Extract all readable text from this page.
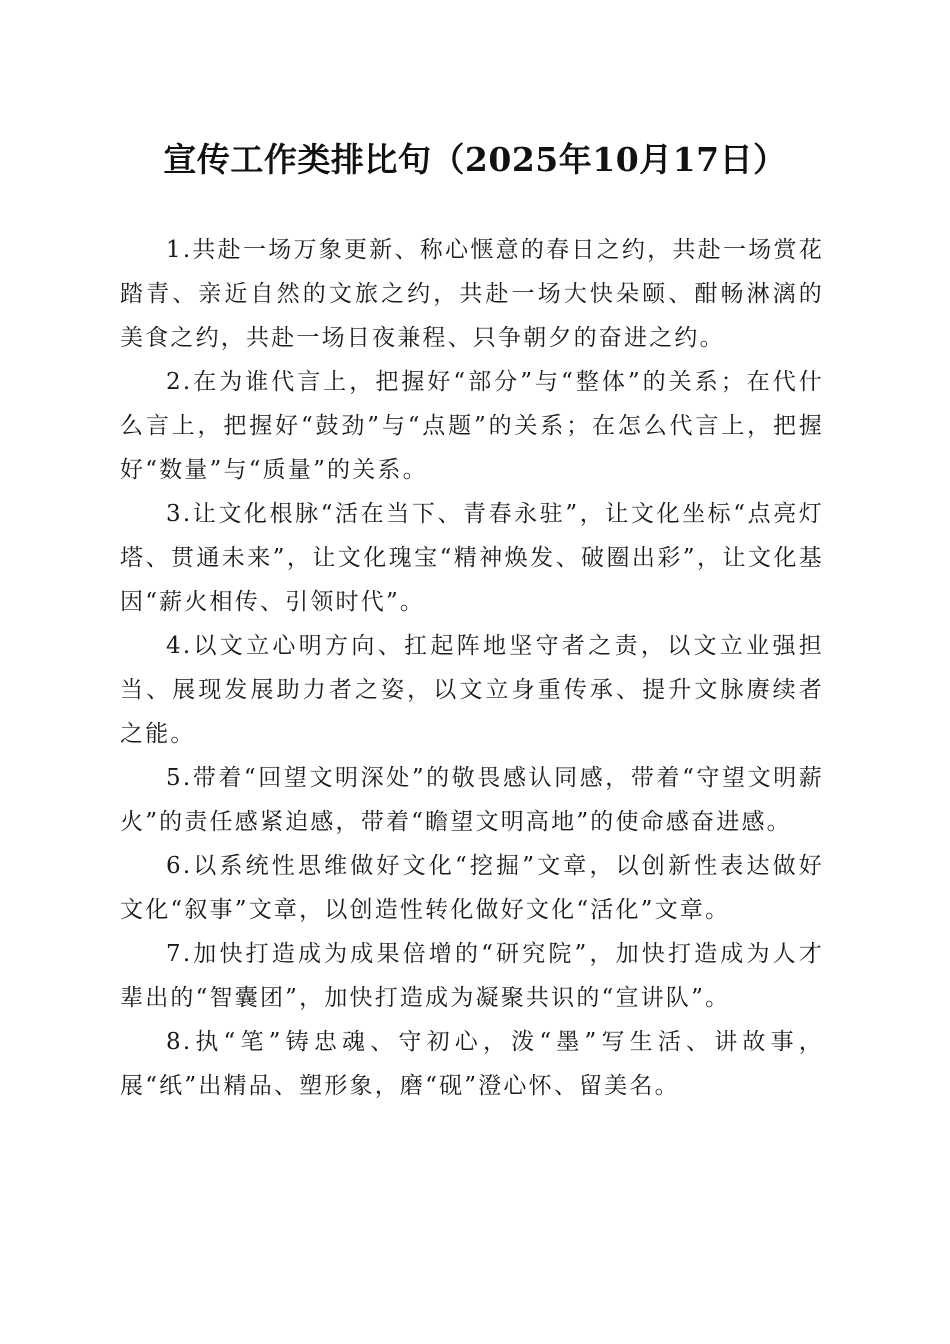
宣传工作类排比句（2025年10月17日）

1.共赴一场万象更新、称心惬意的春日之约，共赴一场赏花踏青、亲近自然的文旅之约，共赴一场大快朵颐、酣畅淋漓的美食之约，共赴一场日夜兼程、只争朝夕的奋进之约。

2.在为谁代言上，把握好“部分”与“整体”的关系；在代什么言上，把握好“鼓劲”与“点题”的关系；在怎么代言上，把握好“数量”与“质量”的关系。

3.让文化根脉“活在当下、青春永驻”，让文化坐标“点亮灯塔、贯通未来”，让文化瑰宝“精神焕发、破圈出彩”，让文化基因“薪火相传、引领时代”。

4.以文立心明方向、扛起阵地坚守者之责，以文立业强担当、展现发展助力者之姿，以文立身重传承、提升文脉赓续者之能。

5.带着“回望文明深处”的敬畏感认同感，带着“守望文明薪火”的责任感紧迫感，带着“瞻望文明高地”的使命感奋进感。

6.以系统性思维做好文化“挖掘”文章，以创新性表达做好文化“叙事”文章，以创造性转化做好文化“活化”文章。

7.加快打造成为成果倍增的“研究院”，加快打造成为人才辈出的“智囊团”，加快打造成为凝聚共识的“宣讲队”。

8.执“笔”铸忠魂、守初心，泼“墨”写生活、讲故事，展“纸”出精品、塑形象，磨“砚”澄心怀、留美名。
